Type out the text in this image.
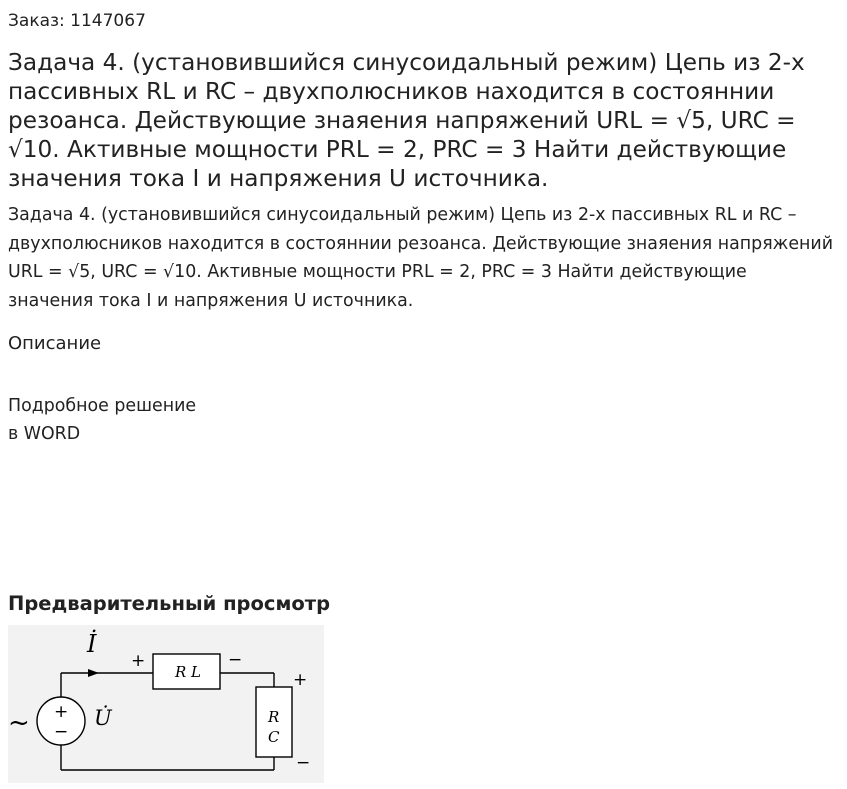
Заказ: 1147067
Задача 4. (установившийся синусоидальный режим) Цепь из 2-х пассивных RL и RC – двухполюсников находится в состояннии резоанса. Действующие знаяения напряжений URL = √5, URC = √10. Активные мощности PRL = 2, PRC = 3 Найти действующие значения тока I и напряжения U источника.

Задача 4. (установившийся синусоидальный режим) Цепь из 2-х пассивных RL и RC – двухполюсников находится в состояннии резоанса. Действующие знаяения напряжений URL = √5, URC = √10. Активные мощности PRL = 2, PRC = 3 Найти действующие значения тока I и напряжения U источника.

Описание
Подробное решение
в WORD
Предварительный просмотр
İ
U̇
R L
R
C
~ +
−
+	−
+
−
